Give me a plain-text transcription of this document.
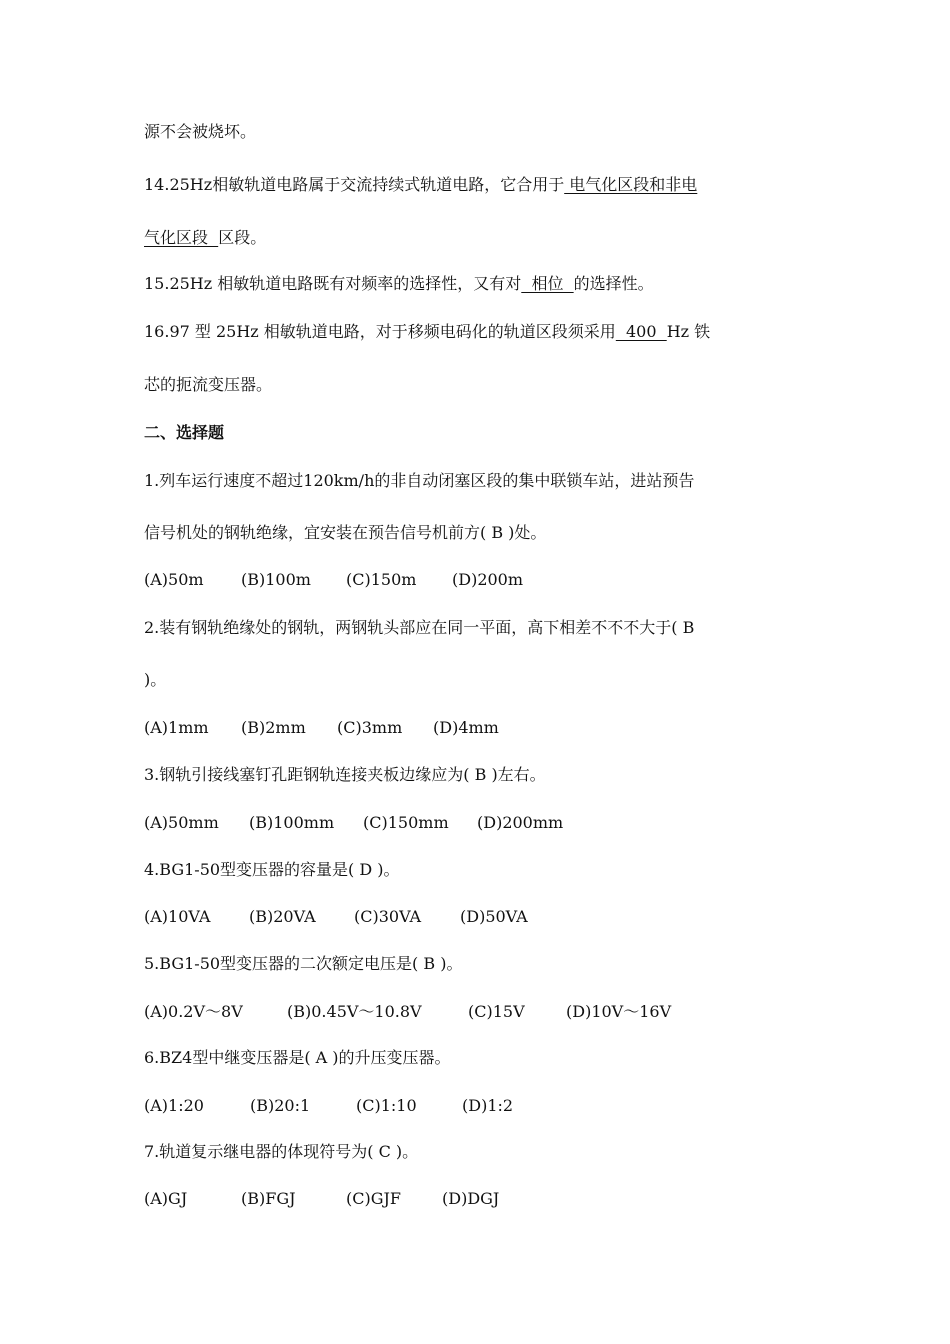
源不会被烧坏。
14.25Hz相敏轨道电路属于交流持续式轨道电路，它合用于 电气化区段和非电
气化区段  区段。
15.25Hz 相敏轨道电路既有对频率的选择性，又有对  相位  的选择性。
16.97 型 25Hz 相敏轨道电路，对于移频电码化的轨道区段须采用  400  Hz 铁
芯的扼流变压器。
二、选择题
1.列车运行速度不超过120km/h的非自动闭塞区段的集中联锁车站，进站预告
信号机处的钢轨绝缘，宜安装在预告信号机前方( B )处。
(A)50m (B)100m (C)150m (D)200m
2.装有钢轨绝缘处的钢轨，两钢轨头部应在同一平面，高下相差不不不大于( B
)。
(A)1mm (B)2mm (C)3mm (D)4mm
3.钢轨引接线塞钉孔距钢轨连接夹板边缘应为( B )左右。
(A)50mm (B)100mm (C)150mm (D)200mm
4.BG1-50型变压器的容量是( D )。
(A)10VA (B)20VA (C)30VA (D)50VA
5.BG1-50型变压器的二次额定电压是( B )。
(A)0.2V～8V	(B)0.45V～10.8V	(C)15V	(D)10V～16V
6.BZ4型中继变压器是( A )的升压变压器。
(A)1:20	(B)20:1	(C)1:10	(D)1:2
7.轨道复示继电器的体现符号为( C )。
(A)GJ	(B)FGJ	(C)GJF	(D)DGJ
